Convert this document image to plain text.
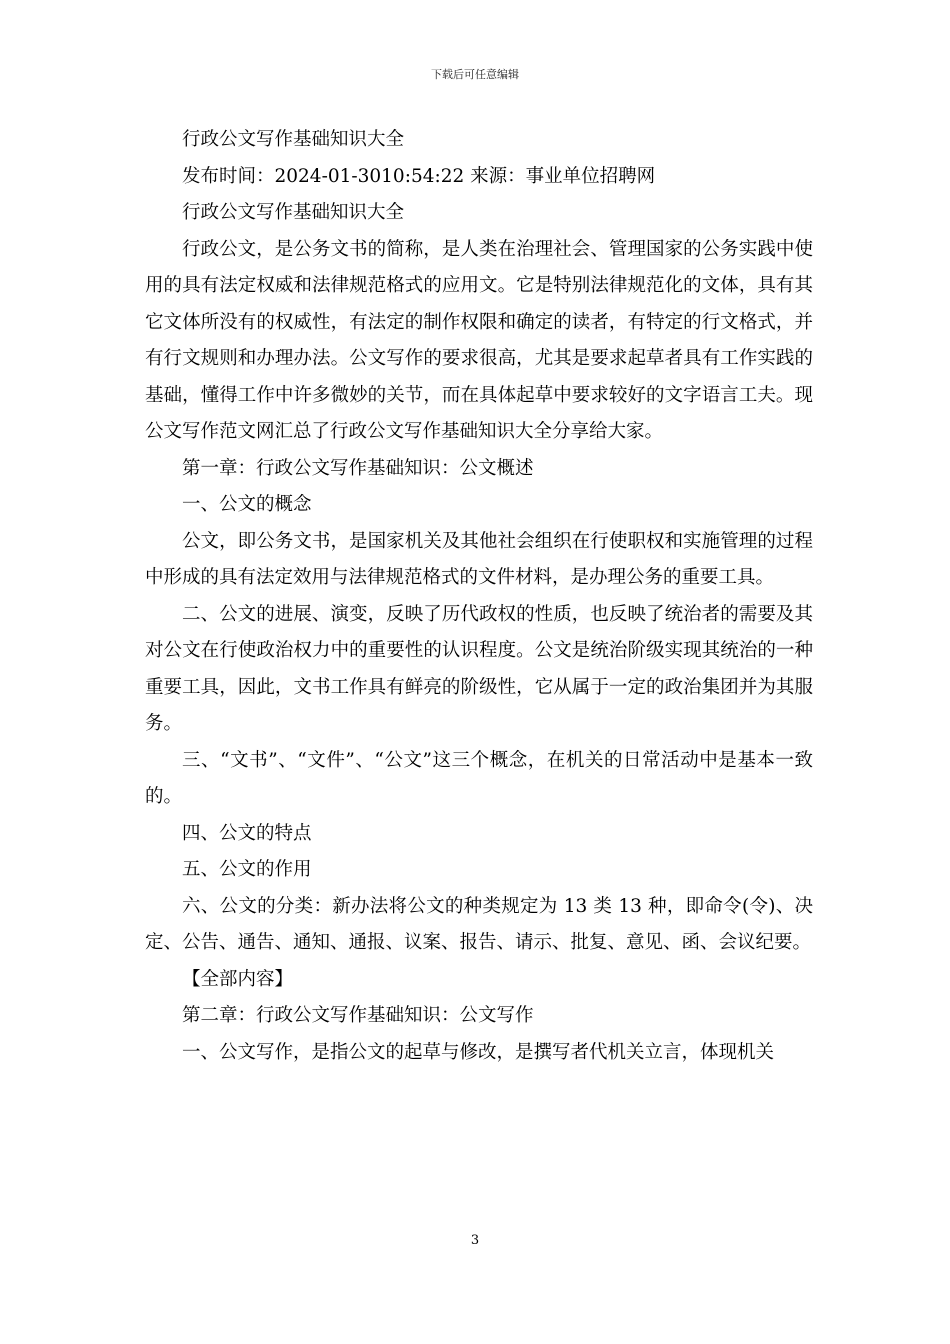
下载后可任意编辑

行政公文写作基础知识大全

发布时间：2024-01-3010:54:22 来源：事业单位招聘网

行政公文写作基础知识大全

行政公文，是公务文书的简称，是人类在治理社会、管理国家的公务实践中使用的具有法定权威和法律规范格式的应用文。它是特别法律规范化的文体，具有其它文体所没有的权威性，有法定的制作权限和确定的读者，有特定的行文格式，并有行文规则和办理办法。公文写作的要求很高，尤其是要求起草者具有工作实践的基础，懂得工作中许多微妙的关节，而在具体起草中要求较好的文字语言工夫。现公文写作范文网汇总了行政公文写作基础知识大全分享给大家。

第一章：行政公文写作基础知识：公文概述

一、公文的概念

公文，即公务文书，是国家机关及其他社会组织在行使职权和实施管理的过程中形成的具有法定效用与法律规范格式的文件材料，是办理公务的重要工具。

二、公文的进展、演变，反映了历代政权的性质，也反映了统治者的需要及其对公文在行使政治权力中的重要性的认识程度。公文是统治阶级实现其统治的一种重要工具，因此，文书工作具有鲜亮的阶级性，它从属于一定的政治集团并为其服务。

三、“文书”、“文件”、“公文”这三个概念，在机关的日常活动中是基本一致的。

四、公文的特点

五、公文的作用

六、公文的分类：新办法将公文的种类规定为 13 类 13 种，即命令(令)、决定、公告、通告、通知、通报、议案、报告、请示、批复、意见、函、会议纪要。

【全部内容】

第二章：行政公文写作基础知识：公文写作

一、公文写作，是指公文的起草与修改，是撰写者代机关立言，体现机关

3
